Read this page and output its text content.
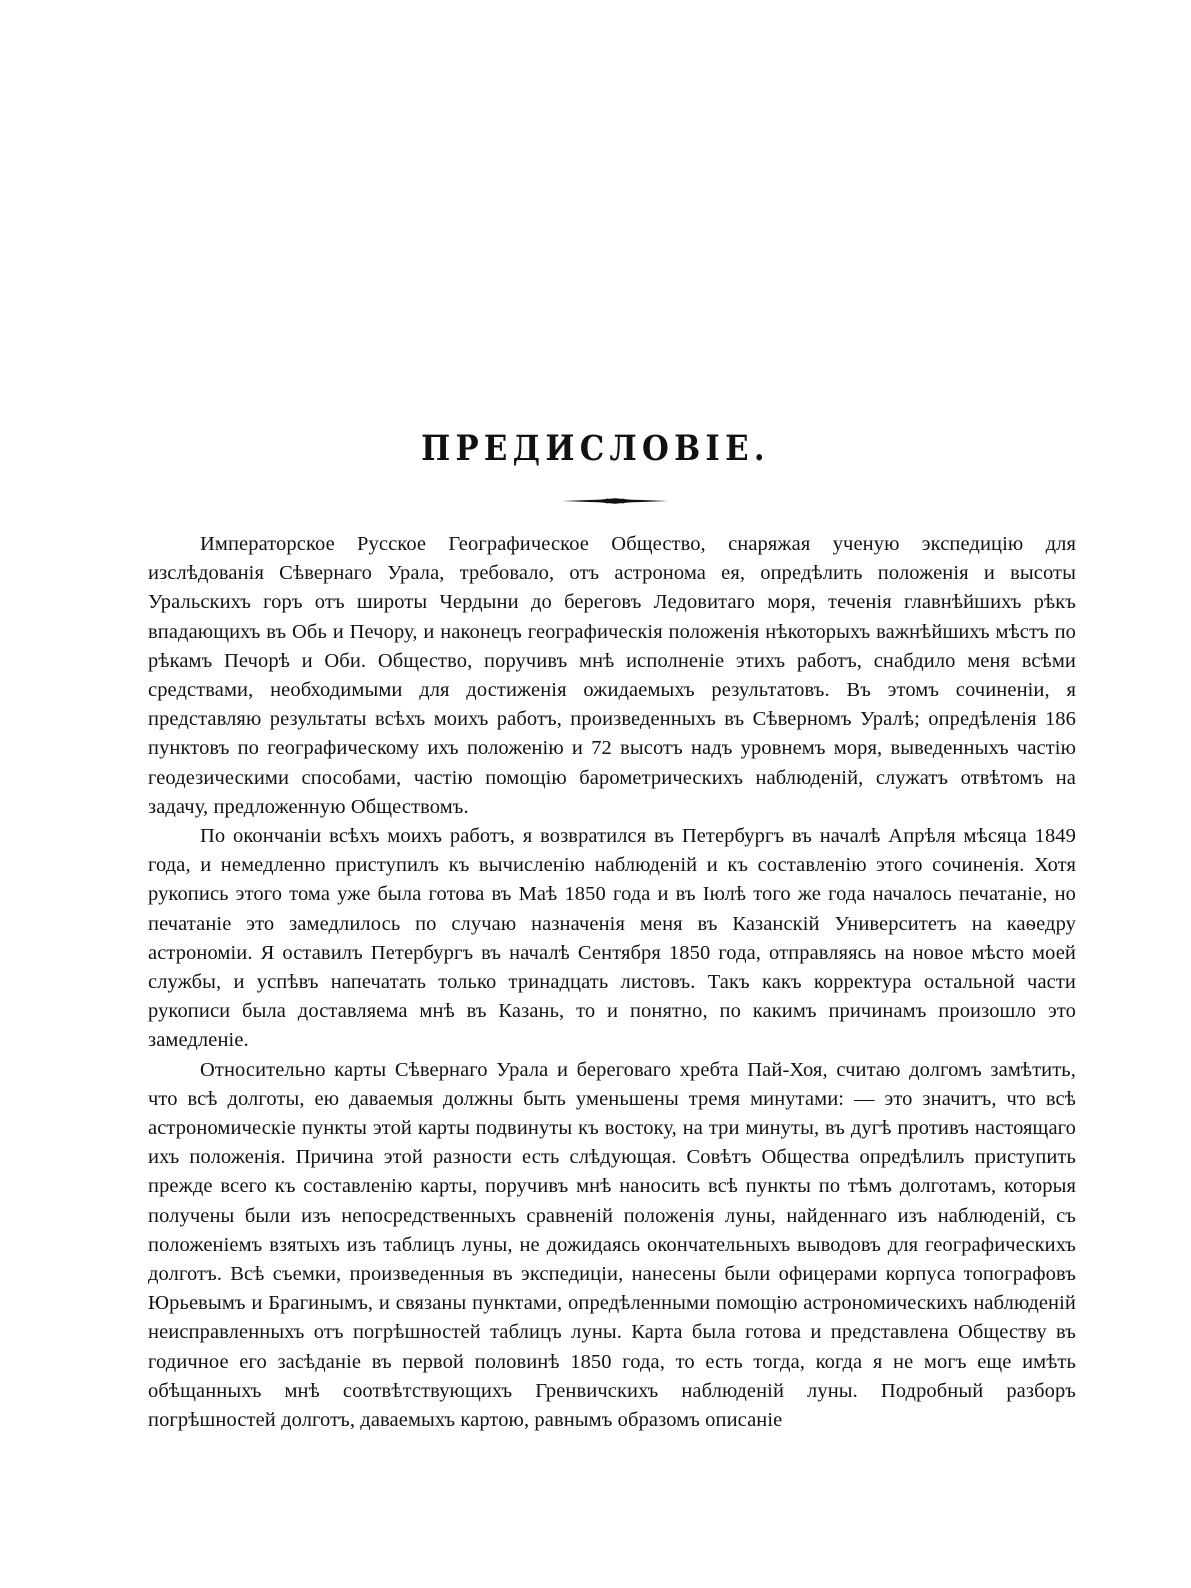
ПРЕДИСЛОВІЕ.

Императорское Русское Географическое Общество, снаряжая ученую экспедицію для изслѣдованія Сѣвернаго Урала, требовало, отъ астронома ея, опредѣлить положенія и высоты Уральскихъ горъ отъ широты Чердыни до береговъ Ледовитаго моря, теченія главнѣйшихъ рѣкъ впадающихъ въ Обь и Печору, и наконецъ географическія положенія нѣкоторыхъ важнѣйшихъ мѣстъ по рѣкамъ Печорѣ и Оби. Общество, поручивъ мнѣ исполненіе этихъ работъ, снабдило меня всѣми средствами, необходимыми для достиженія ожидаемыхъ результатовъ. Въ этомъ сочиненіи, я представляю результаты всѣхъ моихъ работъ, произведенныхъ въ Сѣверномъ Уралѣ; опредѣленія 186 пунктовъ по географическому ихъ положенію и 72 высотъ надъ уровнемъ моря, выведенныхъ частію геодезическими способами, частію помощію барометрическихъ наблюденій, служатъ отвѣтомъ на задачу, предложенную Обществомъ.

По окончаніи всѣхъ моихъ работъ, я возвратился въ Петербургъ въ началѣ Апрѣля мѣсяца 1849 года, и немедленно приступилъ къ вычисленію наблюденій и къ составленію этого сочиненія. Хотя рукопись этого тома уже была готова въ Маѣ 1850 года и въ Іюлѣ того же года началось печатаніе, но печатаніе это замедлилось по случаю назначенія меня въ Казанскій Университетъ на каѳедру астрономіи. Я оставилъ Петербургъ въ началѣ Сентября 1850 года, отправляясь на новое мѣсто моей службы, и успѣвъ напечатать только тринадцать листовъ. Такъ какъ корректура остальной части рукописи была доставляема мнѣ въ Казань, то и понятно, по какимъ причинамъ произошло это замедленіе.

Относительно карты Сѣвернаго Урала и береговаго хребта Пай-Хоя, считаю долгомъ замѣтить, что всѣ долготы, ею даваемыя должны быть уменьшены тремя минутами: — это значитъ, что всѣ астрономическіе пункты этой карты подвинуты къ востоку, на три минуты, въ дугѣ противъ настоящаго ихъ положенія. Причина этой разности есть слѣдующая. Совѣтъ Общества опредѣлилъ приступить прежде всего къ составленію карты, поручивъ мнѣ наносить всѣ пункты по тѣмъ долготамъ, которыя получены были изъ непосредственныхъ сравненій положенія луны, найденнаго изъ наблюденій, съ положеніемъ взятыхъ изъ таблицъ луны, не дожидаясь окончательныхъ выводовъ для географическихъ долготъ. Всѣ съемки, произведенныя въ экспедиціи, нанесены были офицерами корпуса топографовъ Юрьевымъ и Брагинымъ, и связаны пунктами, опредѣленными помощію астрономическихъ наблюденій неисправленныхъ отъ погрѣшностей таблицъ луны. Карта была готова и представлена Обществу въ годичное его засѣданіе въ первой половинѣ 1850 года, то есть тогда, когда я не могъ еще имѣть обѣщанныхъ мнѣ соотвѣтствующихъ Гренвичскихъ наблюденій луны. Подробный разборъ погрѣшностей долготъ, даваемыхъ картою, равнымъ образомъ описаніе
